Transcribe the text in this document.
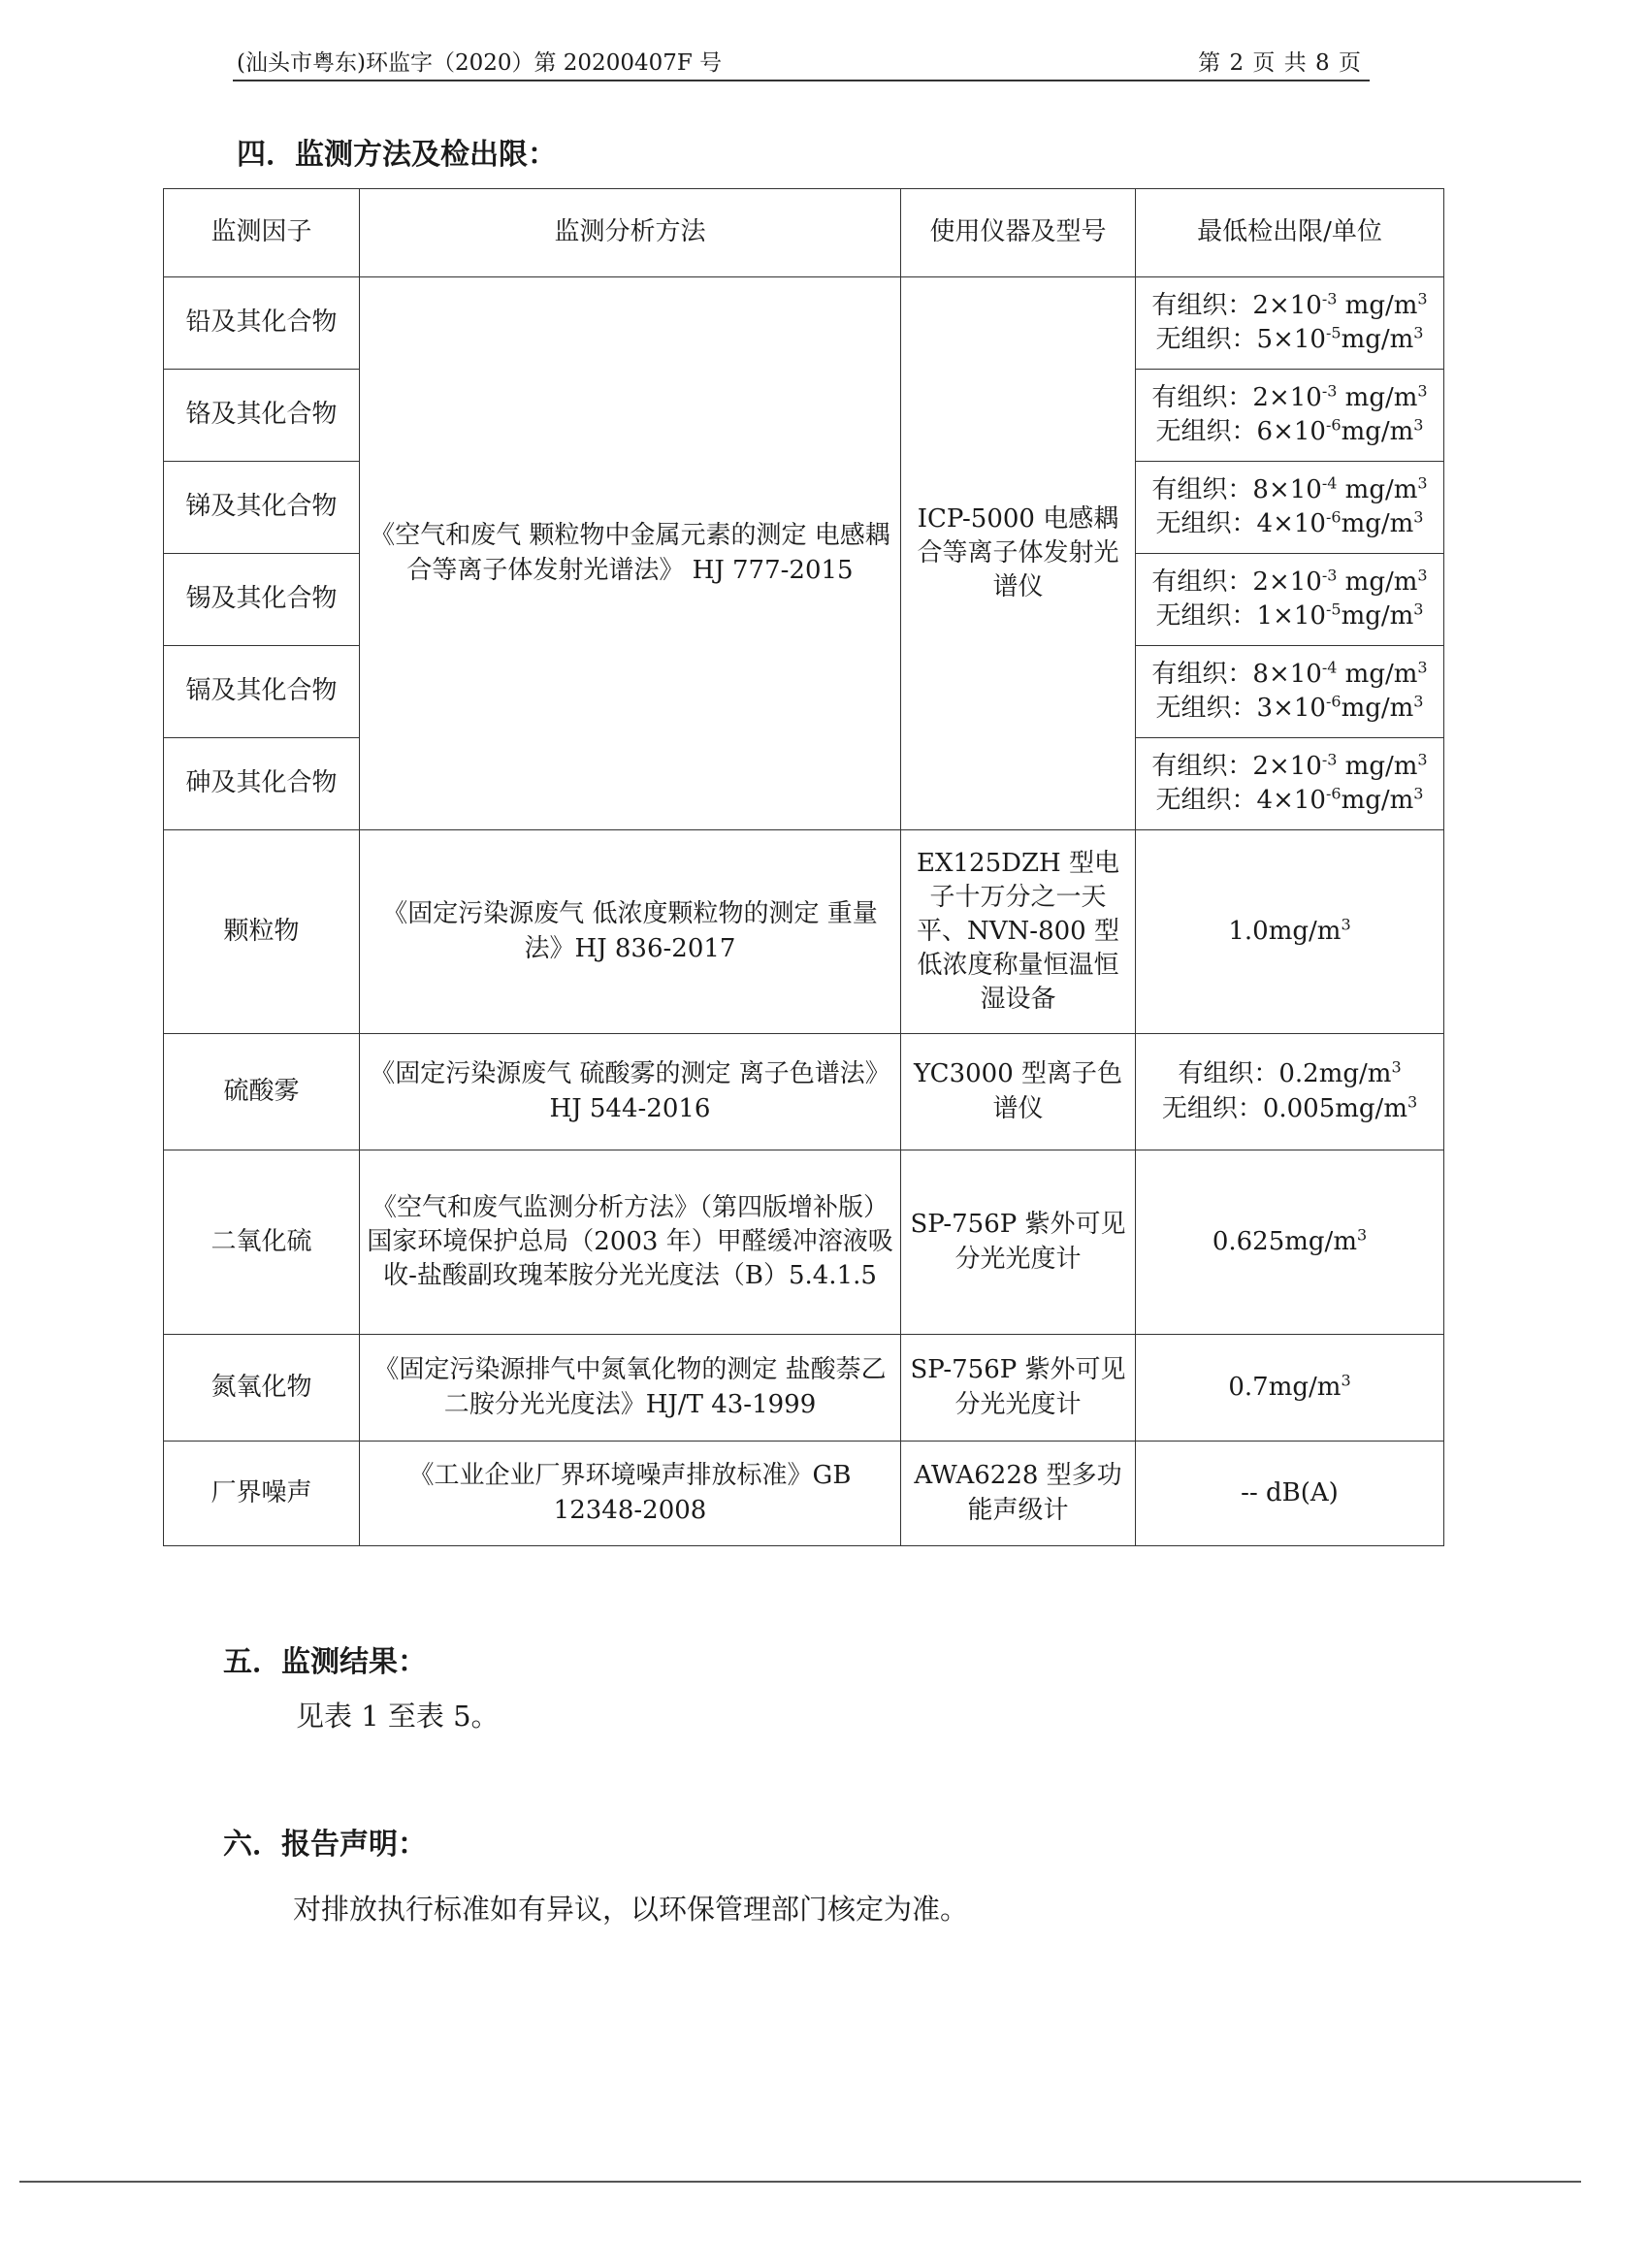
(汕头市粤东)环监字（2020）第 20200407F 号	第 2 页 共 8 页
四．监测方法及检出限：
监测因子	监测分析方法	使用仪器及型号	最低检出限/单位
铅及其化合物	《空气和废气 颗粒物中金属元素的测定 电感耦合等离子体发射光谱法》 HJ 777-2015	ICP-5000 电感耦合等离子体发射光谱仪	有组织：$2\times 10^{-3}$ $mg/m^3$
无组织：$5\times 10^{-5}mg/m^3$

铬及其化合物			有组织：$2\times 10^{-3}$ $mg/m^3$
无组织：$6\times 10^{-6}mg/m^3$

锑及其化合物			有组织：$8\times 10^{-4}$ $mg/m^3$
无组织：$4\times 10^{-6}mg/m^3$

锡及其化合物			有组织：$2\times 10^{-3}$ $mg/m^3$
无组织：$1\times 10^{-5}mg/m^3$

镉及其化合物			有组织：$8\times 10^{-4}$ $mg/m^3$
无组织：$3\times 10^{-6}mg/m^3$

砷及其化合物			有组织：$2\times 10^{-3}$ $mg/m^3$
无组织：$4\times 10^{-6}mg/m^3$

颗粒物	《固定污染源废气 低浓度颗粒物的测定 重量法》HJ 836-2017	EX125DZH 型电子十万分之一天平、NVN-800 型低浓度称量恒温恒湿设备	$1.0mg/m^3$
硫酸雾	《固定污染源废气 硫酸雾的测定 离子色谱法》HJ 544-2016	YC3000 型离子色谱仪	有组织：$0.2mg/m^3$
无组织：$0.005mg/m^3$

二氧化硫	《空气和废气监测分析方法》（第四版增补版）国家环境保护总局（2003 年）甲醛缓冲溶液吸收-盐酸副玫瑰苯胺分光光度法（B）5.4.1.5	SP-756P 紫外可见分光光度计	$0.625mg/m^3$
氮氧化物	《固定污染源排气中氮氧化物的测定 盐酸萘乙二胺分光光度法》HJ/T 43-1999	SP-756P 紫外可见分光光度计	$0.7mg/m^3$
厂界噪声	《工业企业厂界环境噪声排放标准》GB 12348-2008	AWA6228 型多功能声级计	-- dB(A)
五．监测结果：
见表 1 至表 5。
六．报告声明：
对排放执行标准如有异议，以环保管理部门核定为准。
